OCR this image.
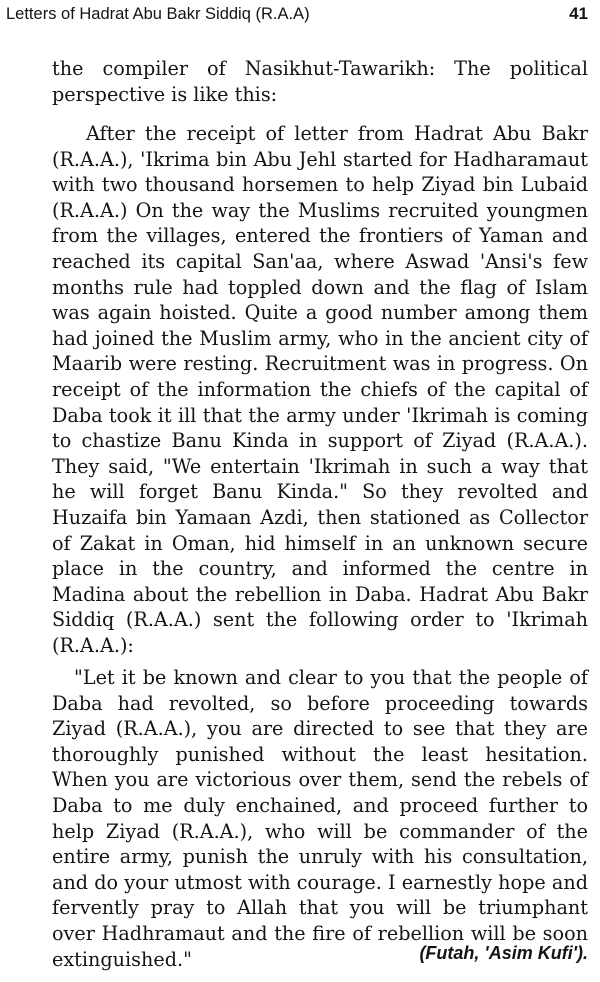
Letters of Hadrat Abu Bakr Siddiq (R.A.A)	41

the compiler of Nasikhut-Tawarikh: The political perspective is like this:

After the receipt of letter from Hadrat Abu Bakr (R.A.A.), 'Ikrima bin Abu Jehl started for Hadharamaut with two thousand horsemen to help Ziyad bin Lubaid (R.A.A.) On the way the Muslims recruited youngmen from the villages, entered the frontiers of Yaman and reached its capital San'aa, where Aswad 'Ansi's few months rule had toppled down and the flag of Islam was again hoisted. Quite a good number among them had joined the Muslim army, who in the ancient city of Maarib were resting. Recruitment was in progress. On receipt of the information the chiefs of the capital of Daba took it ill that the army under 'Ikrimah is coming to chastize Banu Kinda in support of Ziyad (R.A.A.). They said, "We entertain 'Ikrimah in such a way that he will forget Banu Kinda." So they revolted and Huzaifa bin Yamaan Azdi, then stationed as Collector of Zakat in Oman, hid himself in an unknown secure place in the country, and informed the centre in Madina about the rebellion in Daba. Hadrat Abu Bakr Siddiq (R.A.A.) sent the following order to 'Ikrimah (R.A.A.):

"Let it be known and clear to you that the people of Daba had revolted, so before proceeding towards Ziyad (R.A.A.), you are directed to see that they are thoroughly punished without the least hesitation. When you are victorious over them, send the rebels of Daba to me duly enchained, and proceed further to help Ziyad (R.A.A.), who will be commander of the entire army, punish the unruly with his consultation, and do your utmost with courage. I earnestly hope and fervently pray to Allah that you will be triumphant over Hadhramaut and the fire of rebellion will be soon extinguished."	(Futah, 'Asim Kufi').
